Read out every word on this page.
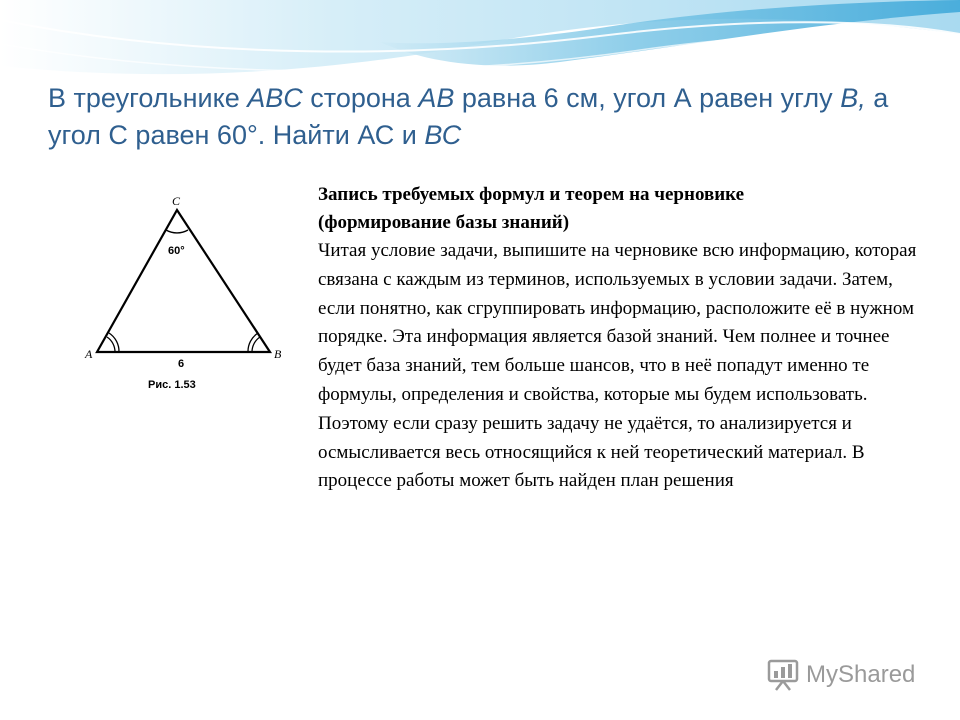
В треугольнике ABC сторона AB равна 6 см, угол А равен углу B, а угол С равен 60°. Найти АС и ВС
C
60°
A	B
6
Рис. 1.53
Запись требуемых формул и теорем на черновике
(формирование базы знаний)

Читая условие задачи, выпишите на черновике всю информацию, которая связана с каждым из терминов, используемых в условии задачи. Затем, если понятно, как сгруппировать информацию, расположите её в нужном порядке. Эта информация является базой знаний. Чем полнее и точнее будет база знаний, тем больше шансов, что в неё попадут именно те формулы, определения и свойства, которые мы будем использовать. Поэтому если сразу решить задачу не удаётся, то анализируется и осмысливается весь относящийся к ней теоретический материал. В процессе работы может быть найден план решения

MyShared
